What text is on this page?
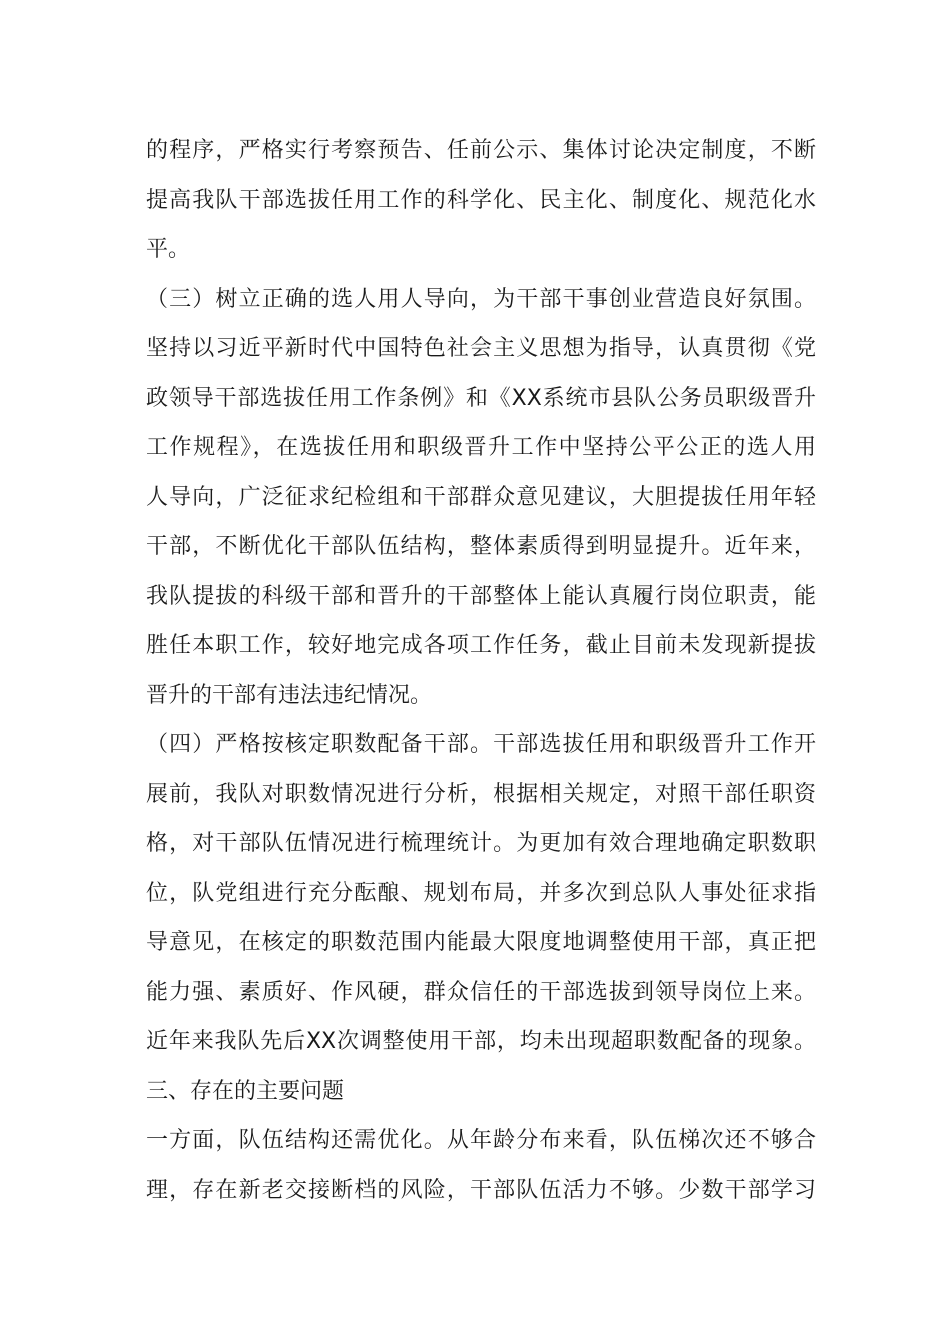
的程序，严格实行考察预告、任前公示、集体讨论决定制度，不断
提高我队干部选拔任用工作的科学化、民主化、制度化、规范化水
平。
（三）树立正确的选人用人导向，为干部干事创业营造良好氛围。
坚持以习近平新时代中国特色社会主义思想为指导，认真贯彻《党
政领导干部选拔任用工作条例》和《XX系统市县队公务员职级晋升
工作规程》，在选拔任用和职级晋升工作中坚持公平公正的选人用
人导向，广泛征求纪检组和干部群众意见建议，大胆提拔任用年轻
干部，不断优化干部队伍结构，整体素质得到明显提升。近年来，
我队提拔的科级干部和晋升的干部整体上能认真履行岗位职责，能
胜任本职工作，较好地完成各项工作任务，截止目前未发现新提拔
晋升的干部有违法违纪情况。
（四）严格按核定职数配备干部。干部选拔任用和职级晋升工作开
展前，我队对职数情况进行分析，根据相关规定，对照干部任职资
格，对干部队伍情况进行梳理统计。为更加有效合理地确定职数职
位，队党组进行充分酝酿、规划布局，并多次到总队人事处征求指
导意见，在核定的职数范围内能最大限度地调整使用干部，真正把
能力强、素质好、作风硬，群众信任的干部选拔到领导岗位上来。
近年来我队先后XX次调整使用干部，均未出现超职数配备的现象。
三、存在的主要问题
一方面，队伍结构还需优化。从年龄分布来看，队伍梯次还不够合
理，存在新老交接断档的风险，干部队伍活力不够。少数干部学习
